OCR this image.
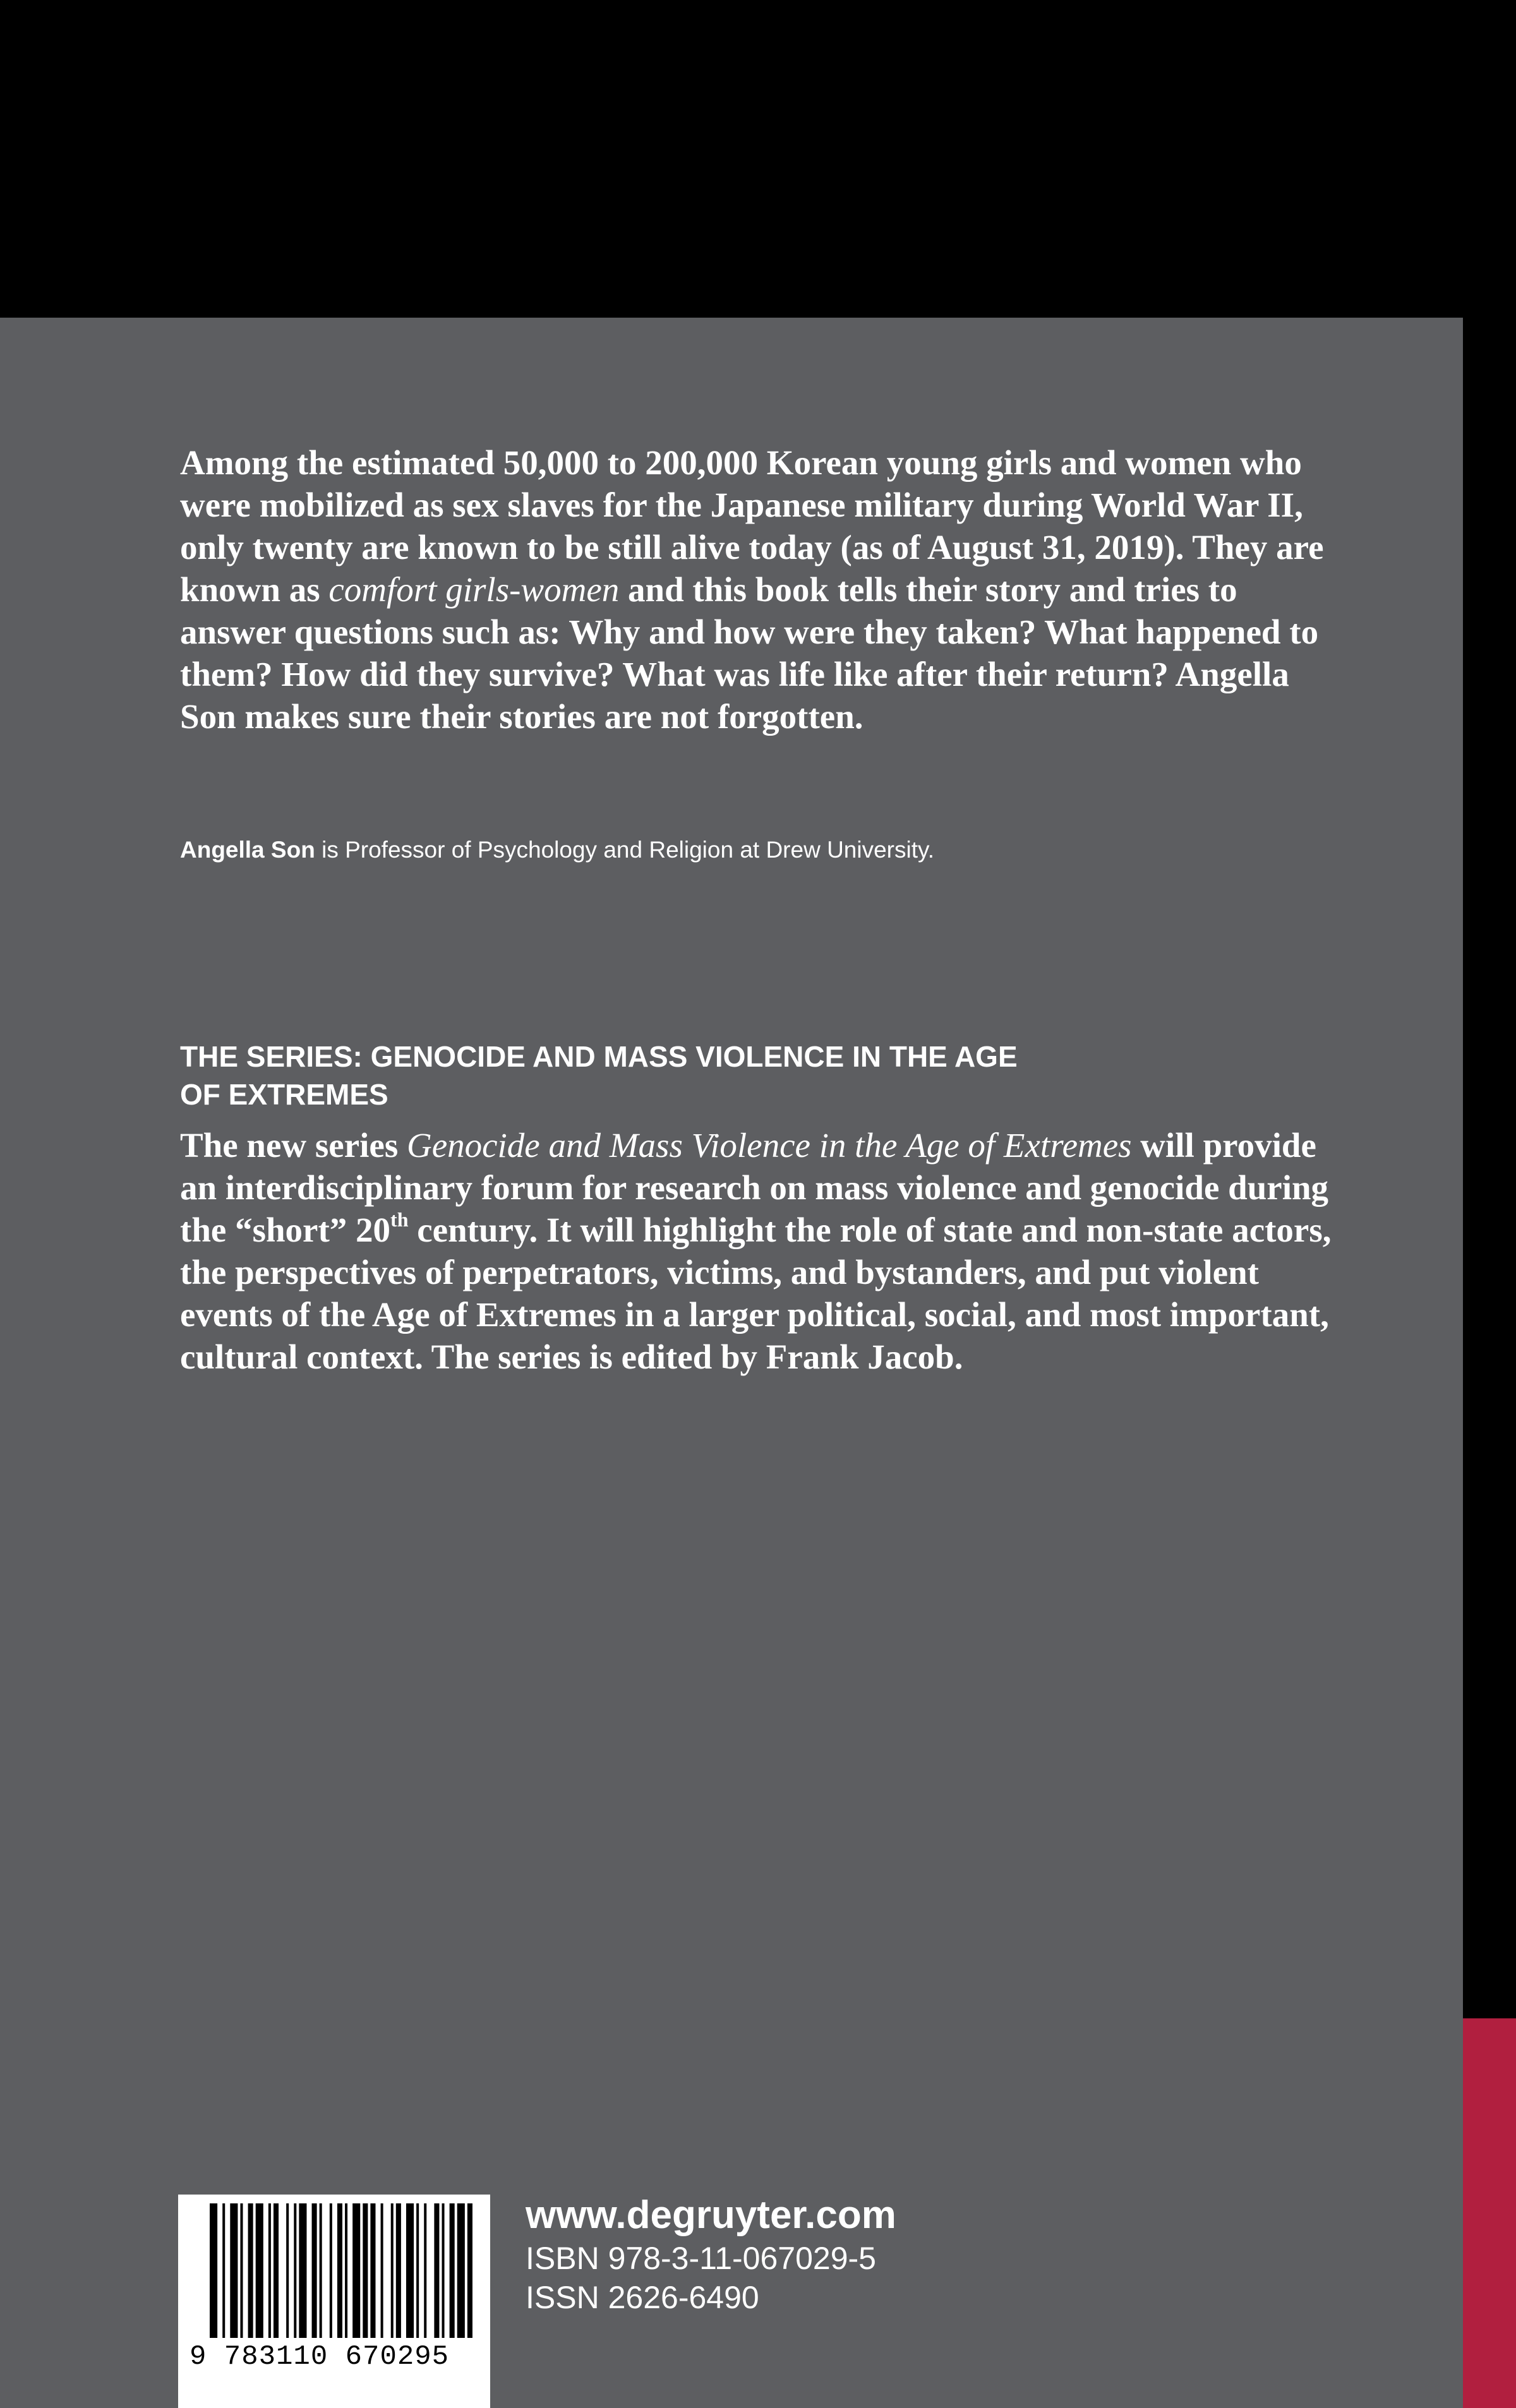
Among the estimated 50,000 to 200,000 Korean young girls and women who were mobilized as sex slaves for the Japanese military during World War II, only twenty are known to be still alive today (as of August 31, 2019). They are known as comfort girls-women and this book tells their story and tries to answer questions such as: Why and how were they taken? What happened to them? How did they survive? What was life like after their return? Angella Son makes sure their stories are not forgotten.

Angella Son is Professor of Psychology and Religion at Drew University.

THE SERIES: GENOCIDE AND MASS VIOLENCE IN THE AGE
OF EXTREMES

The new series Genocide and Mass Violence in the Age of Extremes will provide an interdisciplinary forum for research on mass violence and genocide during the “short” 20th century. It will highlight the role of state and non-state actors, the perspectives of perpetrators, victims, and bystanders, and put violent events of the Age of Extremes in a larger political, social, and most important, cultural context. The series is edited by Frank Jacob.

9 783110 670295

www.degruyter.com

ISBN 978-3-11-067029-5

ISSN 2626-6490
